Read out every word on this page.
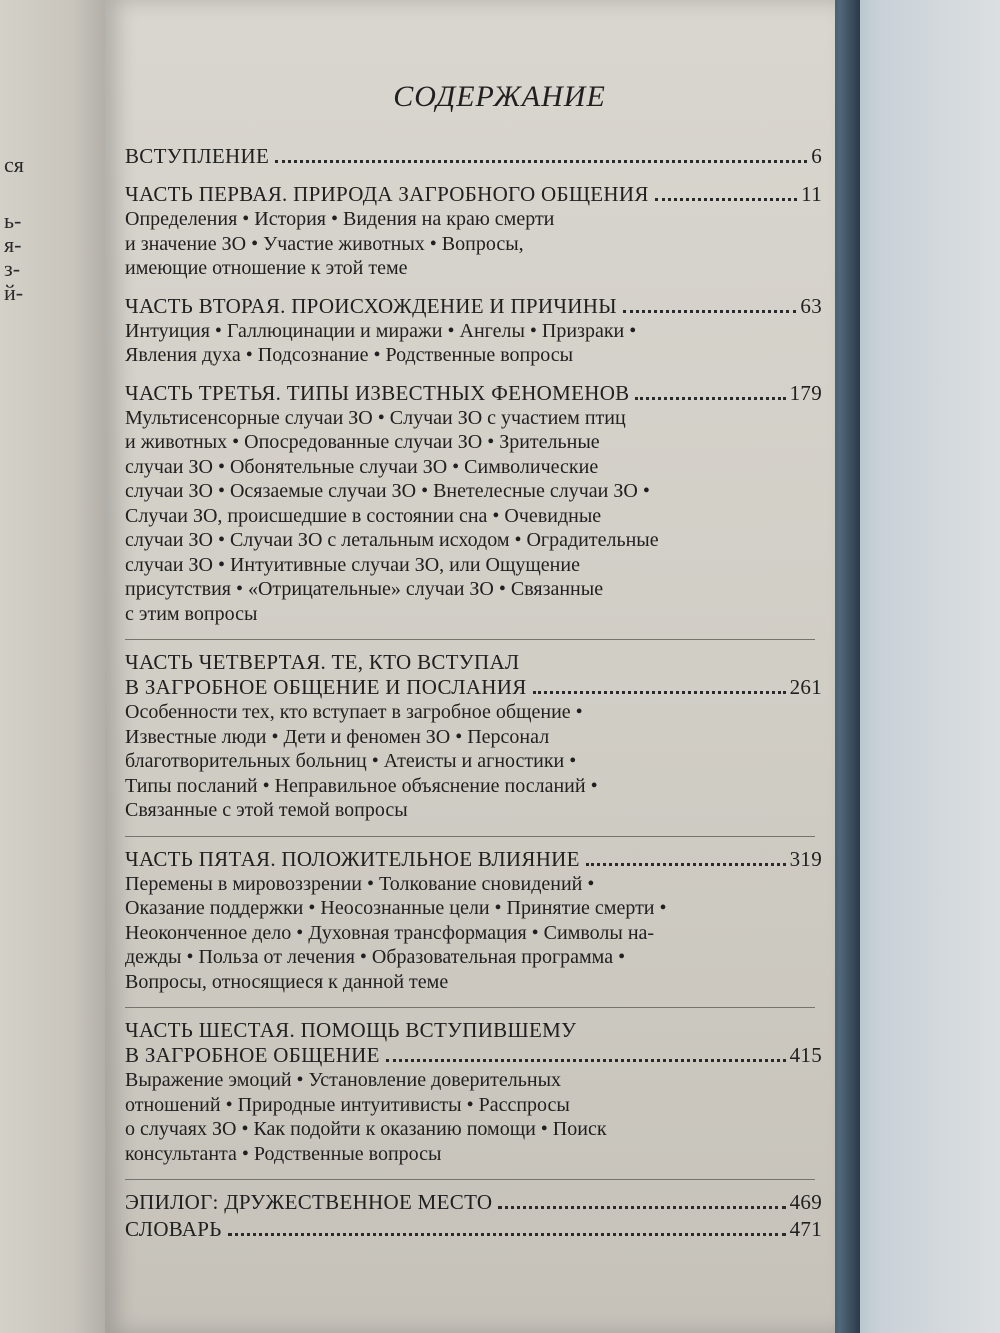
ся
ь-
я-
з-
й-
СОДЕРЖАНИЕ
ВСТУПЛЕНИЕ	6
ЧАСТЬ ПЕРВАЯ. ПРИРОДА ЗАГРОБНОГО ОБЩЕНИЯ	11

Определения • История • Видения на краю смерти

и значение ЗО • Участие животных • Вопросы,

имеющие отношение к этой теме

ЧАСТЬ ВТОРАЯ. ПРОИСХОЖДЕНИЕ И ПРИЧИНЫ	63

Интуиция • Галлюцинации и миражи • Ангелы • Призраки •

Явления духа • Подсознание • Родственные вопросы

ЧАСТЬ ТРЕТЬЯ. ТИПЫ ИЗВЕСТНЫХ ФЕНОМЕНОВ	179

Мультисенсорные случаи ЗО • Случаи ЗО с участием птиц

и животных • Опосредованные случаи ЗО • Зрительные

случаи ЗО • Обонятельные случаи ЗО • Символические

случаи ЗО • Осязаемые случаи ЗО • Внетелесные случаи ЗО •

Случаи ЗО, происшедшие в состоянии сна • Очевидные

случаи ЗО • Случаи ЗО с летальным исходом • Оградительные

случаи ЗО • Интуитивные случаи ЗО, или Ощущение

присутствия • «Отрицательные» случаи ЗО • Связанные

с этим вопросы

ЧАСТЬ ЧЕТВЕРТАЯ. ТЕ, КТО ВСТУПАЛ
В ЗАГРОБНОЕ ОБЩЕНИЕ И ПОСЛАНИЯ	261

Особенности тех, кто вступает в загробное общение •

Известные люди • Дети и феномен ЗО • Персонал

благотворительных больниц • Атеисты и агностики •

Типы посланий • Неправильное объяснение посланий •

Связанные с этой темой вопросы

ЧАСТЬ ПЯТАЯ. ПОЛОЖИТЕЛЬНОЕ ВЛИЯНИЕ	319

Перемены в мировоззрении • Толкование сновидений •

Оказание поддержки • Неосознанные цели • Принятие смерти •

Неоконченное дело • Духовная трансформация • Символы на-

дежды • Польза от лечения • Образовательная программа •

Вопросы, относящиеся к данной теме

ЧАСТЬ ШЕСТАЯ. ПОМОЩЬ ВСТУПИВШЕМУ
В ЗАГРОБНОЕ ОБЩЕНИЕ	415

Выражение эмоций • Установление доверительных

отношений • Природные интуитивисты • Расспросы

о случаях ЗО • Как подойти к оказанию помощи • Поиск

консультанта • Родственные вопросы

ЭПИЛОГ: ДРУЖЕСТВЕННОЕ МЕСТО	469
СЛОВАРЬ	471
